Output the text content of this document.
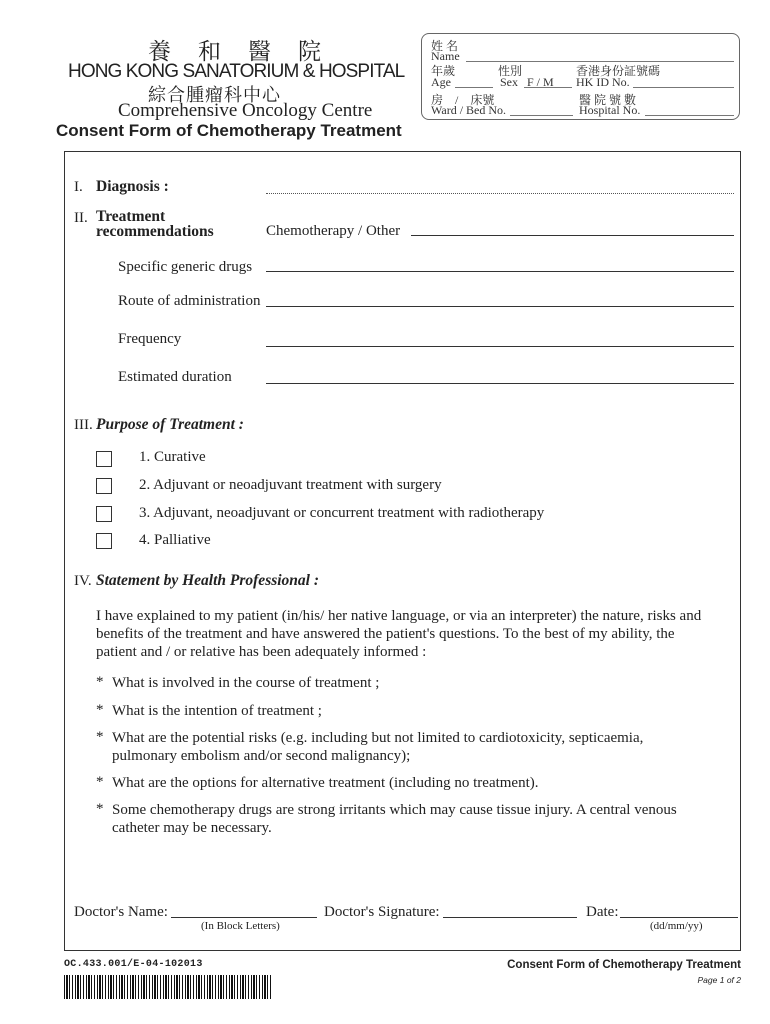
養　和　醫　院
HONG KONG SANATORIUM & HOSPITAL
綜合腫瘤科中心
Comprehensive Oncology Centre
Consent Form of Chemotherapy Treatment
姓 名
Name
年歲
Age
性別
Sex F / M
香港身份証號碼
HK ID No.
房　/　床號
Ward / Bed No.
醫 院 號 數
Hospital No.
I. Diagnosis :
II. Treatment
recommendations	Chemotherapy / Other
Specific generic drugs
Route of administration
Frequency
Estimated duration
III. Purpose of Treatment :
1. Curative
2. Adjuvant or neoadjuvant treatment with surgery
3. Adjuvant, neoadjuvant or concurrent treatment with radiotherapy
4. Palliative
IV. Statement by Health Professional :
I have explained to my patient (in/his/ her native language, or via an interpreter) the nature, risks and benefits of the treatment and have answered the patient's questions. To the best of my ability, the patient and / or relative has been adequately informed :
* What is involved in the course of treatment ;
* What is the intention of treatment ;
* What are the potential risks (e.g. including but not limited to cardiotoxicity, septicaemia, pulmonary embolism and/or second malignancy);
* What are the options for alternative treatment (including no treatment).
* Some chemotherapy drugs are strong irritants which may cause tissue injury. A central venous catheter may be necessary.
Doctor's Name:
(In Block Letters)
Doctor's Signature:	Date:
(dd/mm/yy)
OC.433.001/E-04-102013	Consent Form of Chemotherapy Treatment
Page 1 of 2
